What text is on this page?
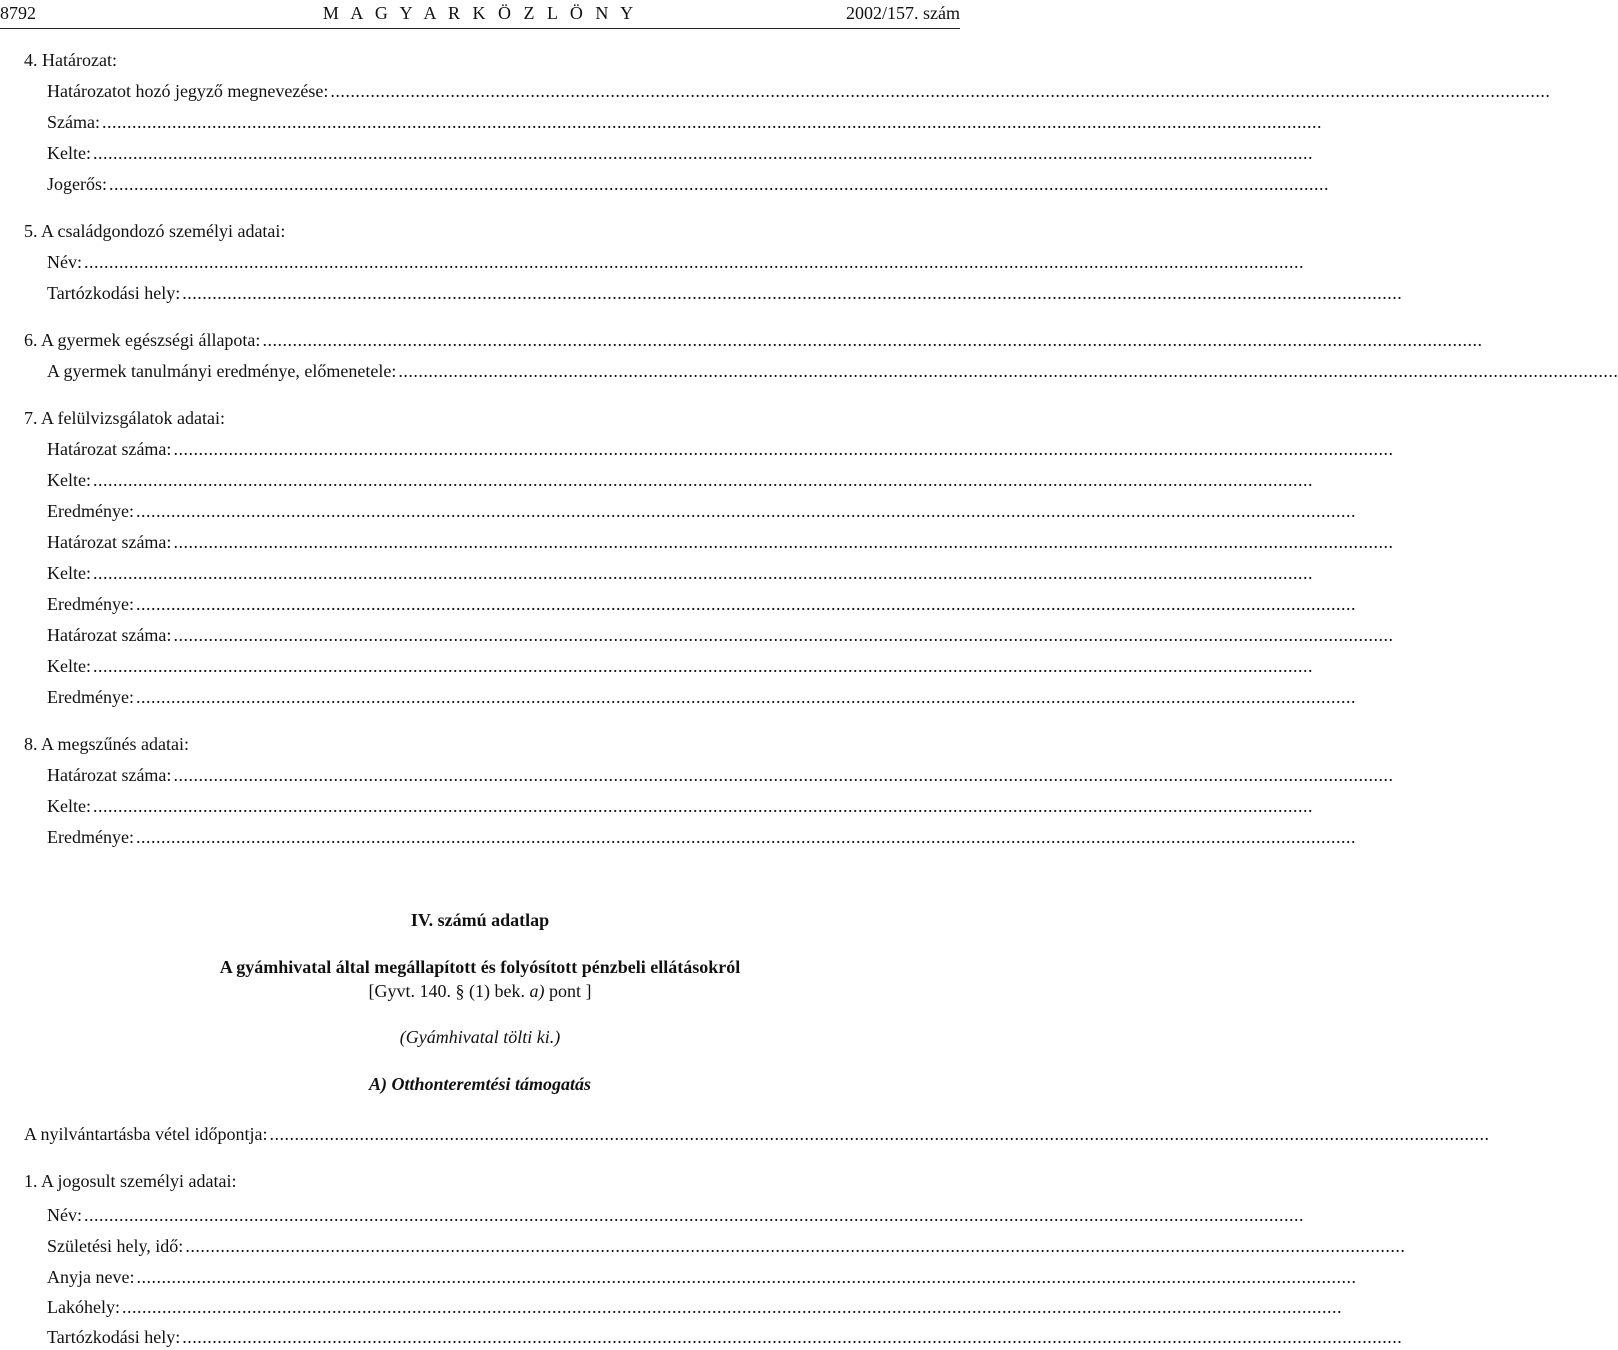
8792	M A G Y A R K Ö Z L Ö N Y	2002/157. szám
4. Határozat:
Határozatot hozó jegyző megnevezése: ....................................................................................................................................................................................................................................................
Száma: ....................................................................................................................................................................................................................................................
Kelte: ....................................................................................................................................................................................................................................................
Jogerős: ....................................................................................................................................................................................................................................................
5. A családgondozó személyi adatai:
Név: ....................................................................................................................................................................................................................................................
Tartózkodási hely: ....................................................................................................................................................................................................................................................
6. A gyermek egészségi állapota: ....................................................................................................................................................................................................................................................
A gyermek tanulmányi eredménye, előmenetele: ....................................................................................................................................................................................................................................................
7. A felülvizsgálatok adatai:
Határozat száma: ....................................................................................................................................................................................................................................................
Kelte: ....................................................................................................................................................................................................................................................
Eredménye: ....................................................................................................................................................................................................................................................
Határozat száma: ....................................................................................................................................................................................................................................................
Kelte: ....................................................................................................................................................................................................................................................
Eredménye: ....................................................................................................................................................................................................................................................
Határozat száma: ....................................................................................................................................................................................................................................................
Kelte: ....................................................................................................................................................................................................................................................
Eredménye: ....................................................................................................................................................................................................................................................
8. A megszűnés adatai:
Határozat száma: ....................................................................................................................................................................................................................................................
Kelte: ....................................................................................................................................................................................................................................................
Eredménye: ....................................................................................................................................................................................................................................................
IV. számú adatlap
A gyámhivatal által megállapított és folyósított pénzbeli ellátásokról
[Gyvt. 140. § (1) bek. a) pont ]
(Gyámhivatal tölti ki.)
A) Otthonteremtési támogatás
A nyilvántartásba vétel időpontja: ....................................................................................................................................................................................................................................................
1. A jogosult személyi adatai:
Név: ....................................................................................................................................................................................................................................................
Születési hely, idő: ....................................................................................................................................................................................................................................................
Anyja neve: ....................................................................................................................................................................................................................................................
Lakóhely: ....................................................................................................................................................................................................................................................
Tartózkodási hely: ....................................................................................................................................................................................................................................................
